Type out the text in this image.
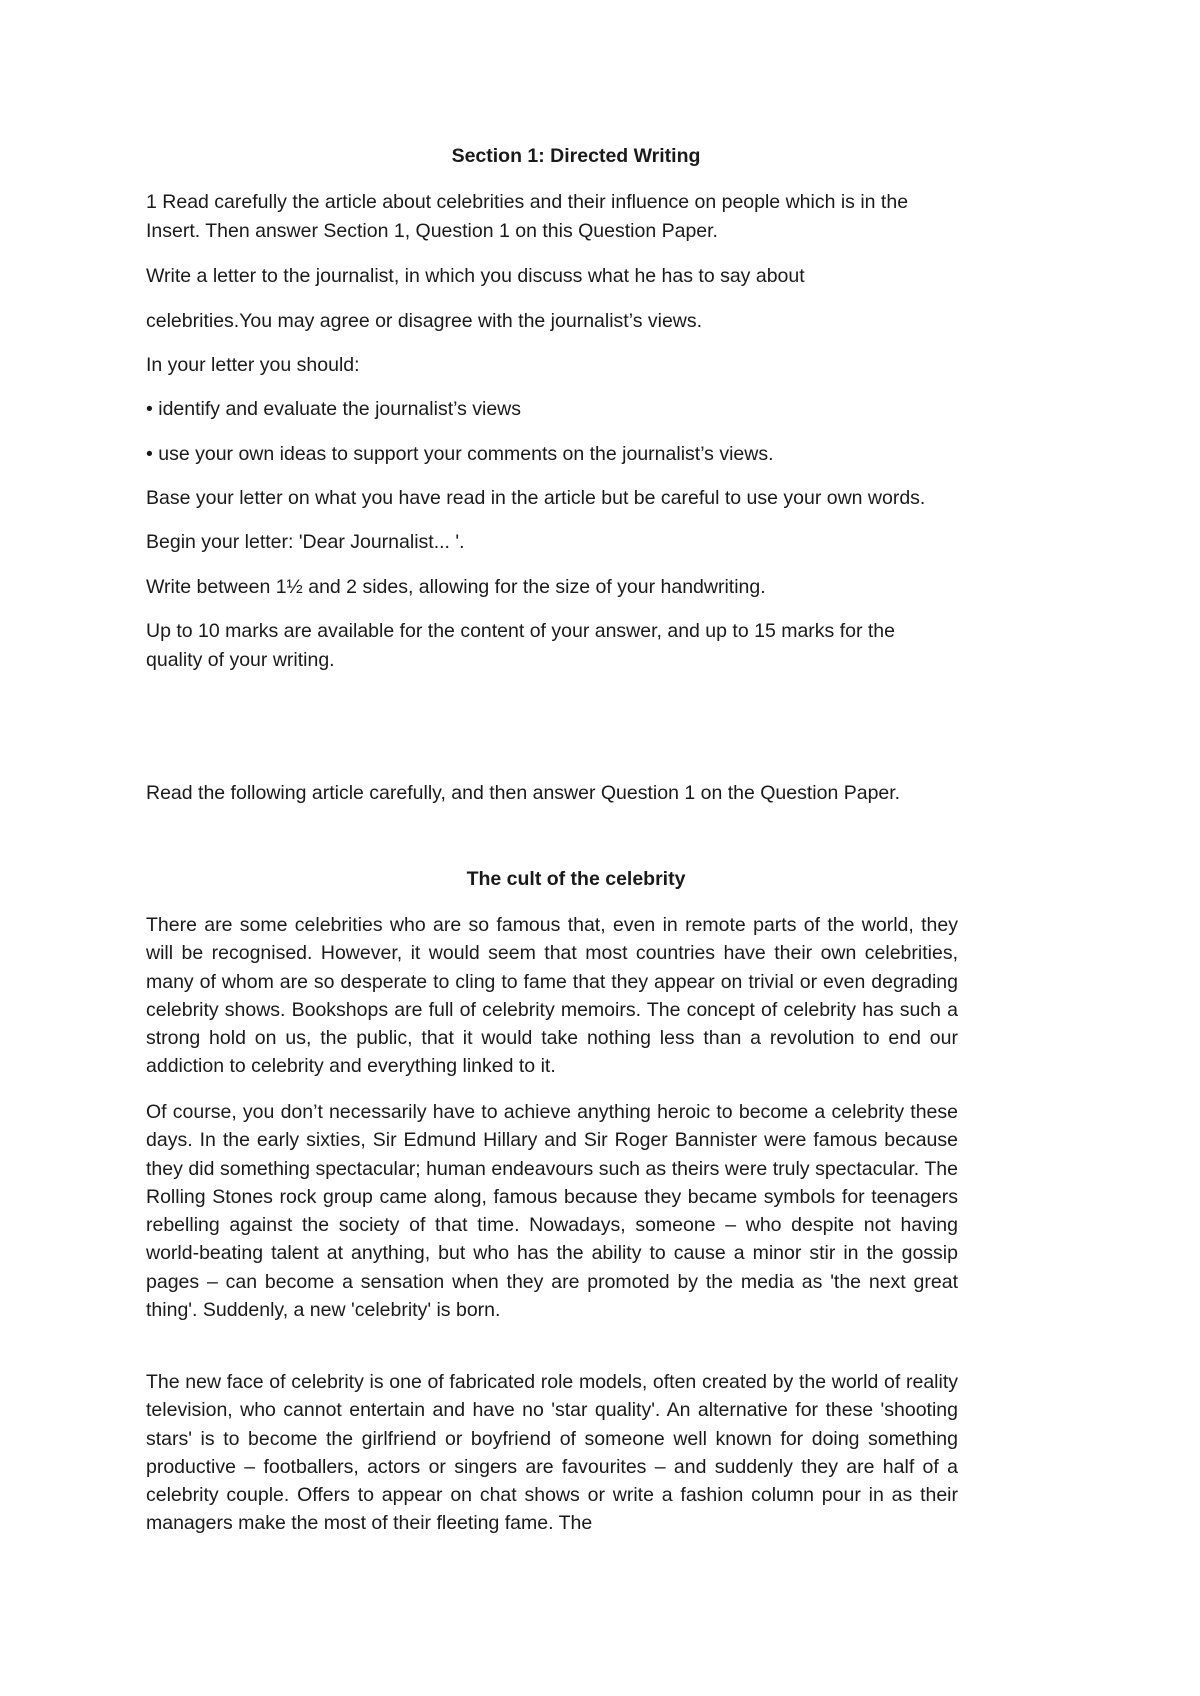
Section 1: Directed Writing
1 Read carefully the article about celebrities and their influence on people which is in the
Insert. Then answer Section 1, Question 1 on this Question Paper.
Write a letter to the journalist, in which you discuss what he has to say about
celebrities.You may agree or disagree with the journalist’s views.
In your letter you should:
• identify and evaluate the journalist’s views
• use your own ideas to support your comments on the journalist’s views.
Base your letter on what you have read in the article but be careful to use your own words.
Begin your letter: 'Dear Journalist... '.
Write between 1½ and 2 sides, allowing for the size of your handwriting.
Up to 10 marks are available for the content of your answer, and up to 15 marks for the
quality of your writing.
Read the following article carefully, and then answer Question 1 on the Question Paper.
The cult of the celebrity
There are some celebrities who are so famous that, even in remote parts of the world, they will be recognised. However, it would seem that most countries have their own celebrities, many of whom are so desperate to cling to fame that they appear on trivial or even degrading celebrity shows. Bookshops are full of celebrity memoirs. The concept of celebrity has such a strong hold on us, the public, that it would take nothing less than a revolution to end our addiction to celebrity and everything linked to it.
Of course, you don’t necessarily have to achieve anything heroic to become a celebrity these days. In the early sixties, Sir Edmund Hillary and Sir Roger Bannister were famous because they did something spectacular; human endeavours such as theirs were truly spectacular. The Rolling Stones rock group came along, famous because they became symbols for teenagers rebelling against the society of that time. Nowadays, someone – who despite not having world-beating talent at anything, but who has the ability to cause a minor stir in the gossip pages – can become a sensation when they are promoted by the media as 'the next great thing'. Suddenly, a new 'celebrity' is born.
The new face of celebrity is one of fabricated role models, often created by the world of reality television, who cannot entertain and have no 'star quality'. An alternative for these 'shooting stars' is to become the girlfriend or boyfriend of someone well known for doing something productive – footballers, actors or singers are favourites – and suddenly they are half of a celebrity couple. Offers to appear on chat shows or write a fashion column pour in as their managers make the most of their fleeting fame. The
